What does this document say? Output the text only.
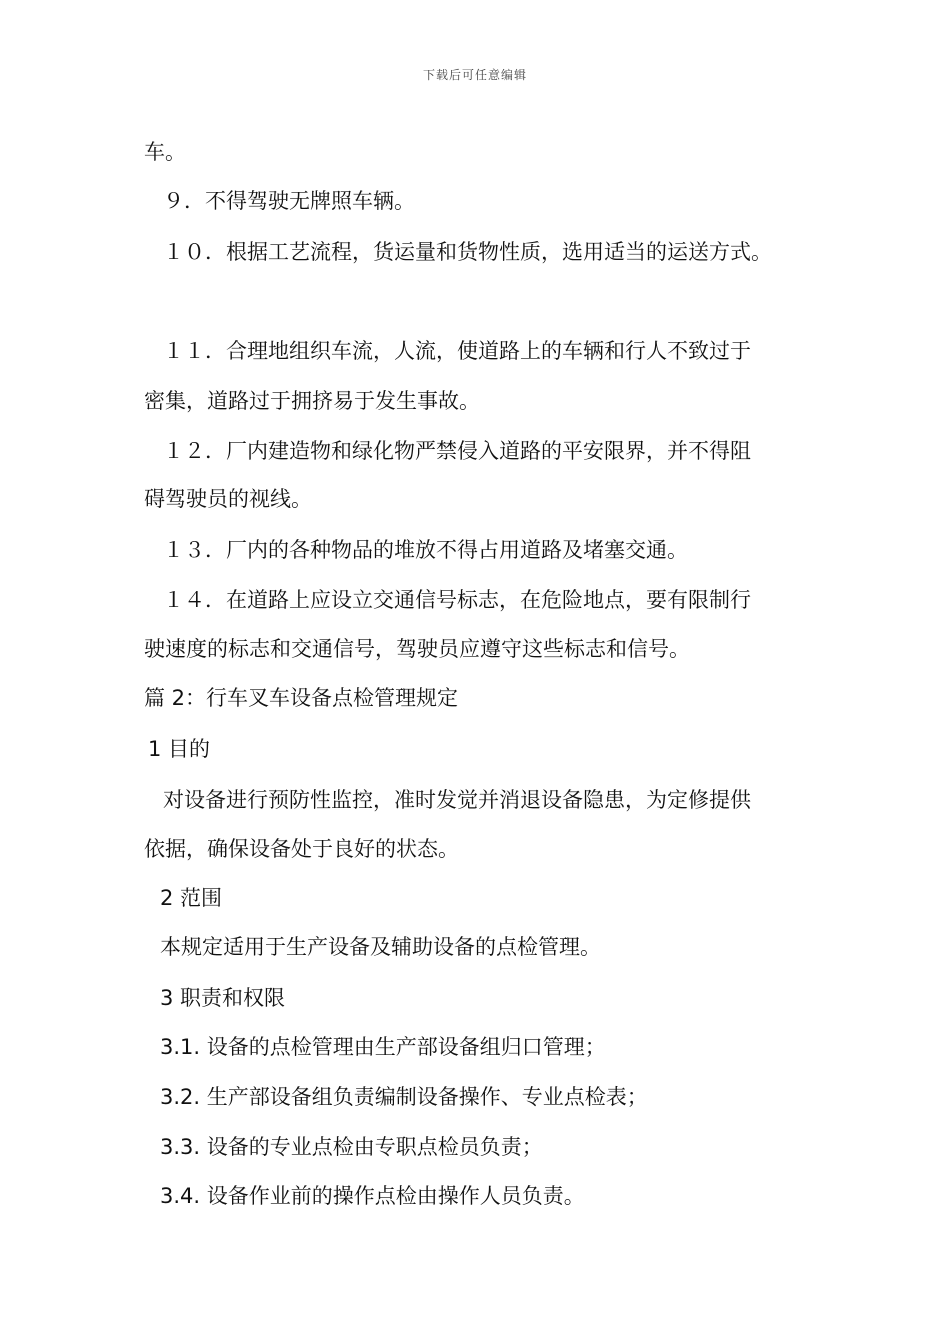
下载后可任意编辑
车。
９．不得驾驶无牌照车辆。
１０．根据工艺流程，货运量和货物性质，选用适当的运送方式。
１１．合理地组织车流，人流，使道路上的车辆和行人不致过于
密集，道路过于拥挤易于发生事故。
１２．厂内建造物和绿化物严禁侵入道路的平安限界，并不得阻
碍驾驶员的视线。
１３．厂内的各种物品的堆放不得占用道路及堵塞交通。
１４．在道路上应设立交通信号标志，在危险地点，要有限制行
驶速度的标志和交通信号，驾驶员应遵守这些标志和信号。
篇 2：行车叉车设备点检管理规定
1 目的
对设备进行预防性监控，准时发觉并消退设备隐患，为定修提供
依据，确保设备处于良好的状态。
2 范围
本规定适用于生产设备及辅助设备的点检管理。
3 职责和权限
3.1. 设备的点检管理由生产部设备组归口管理；
3.2. 生产部设备组负责编制设备操作、专业点检表；
3.3. 设备的专业点检由专职点检员负责；
3.4. 设备作业前的操作点检由操作人员负责。
